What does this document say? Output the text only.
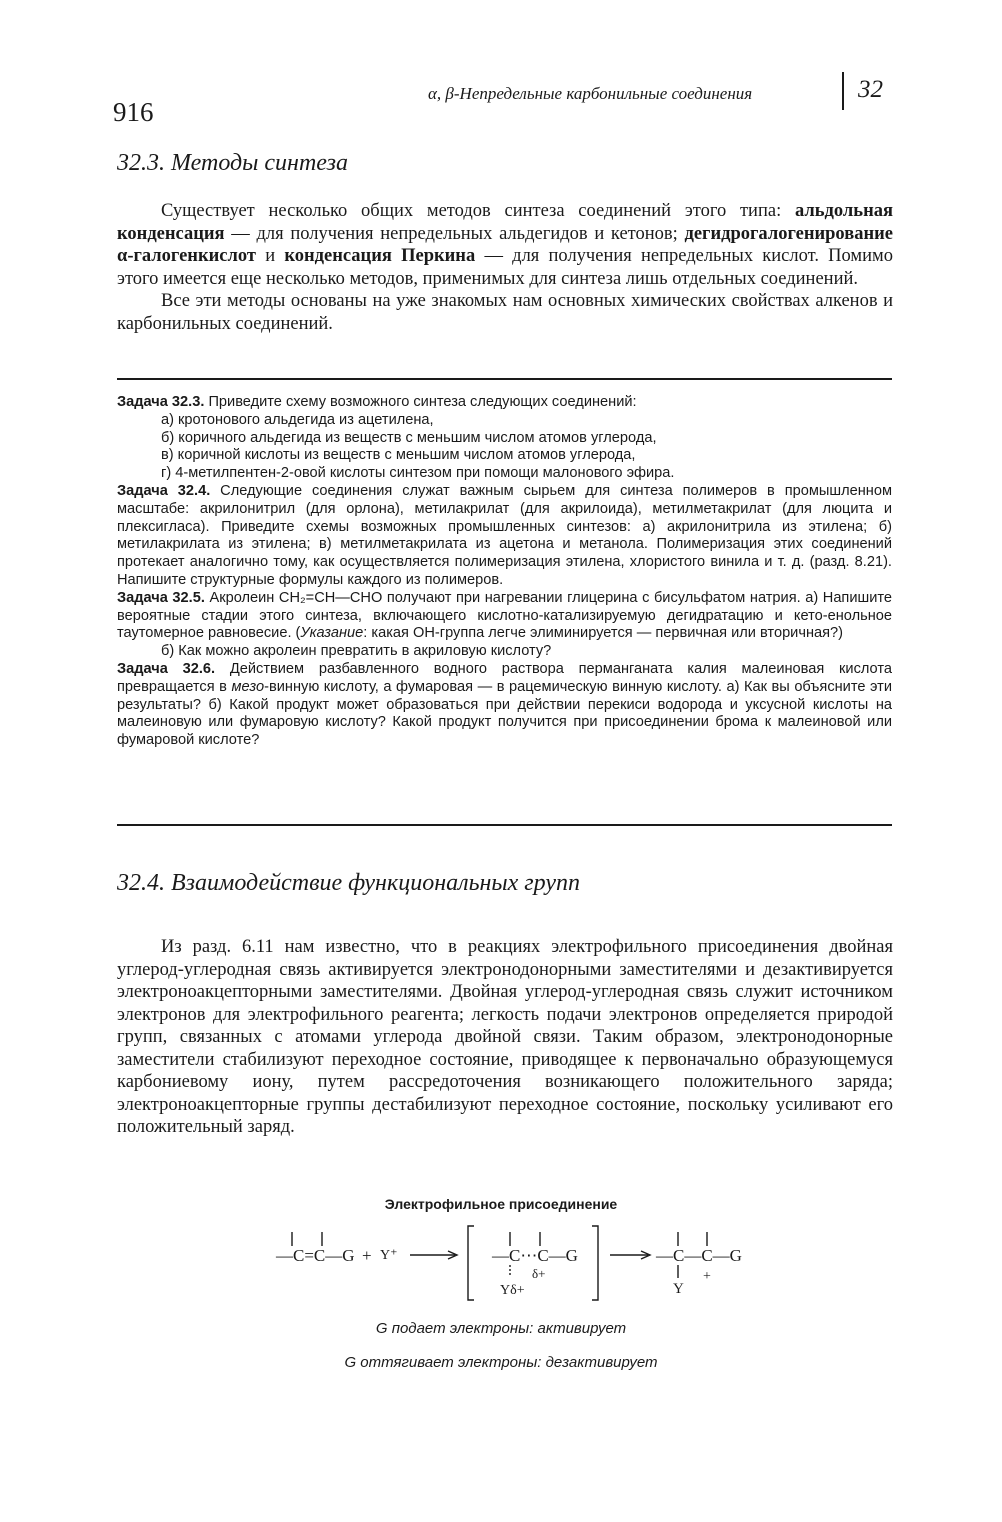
916
α, β-Непредельные карбонильные соединения	32
32.3. Методы синтеза

Существует несколько общих методов синтеза соединений этого типа: альдольная конденсация — для получения непредельных альдегидов и кетонов; дегидрогалогенирование α-галогенкислот и конденсация Перкина — для получения непредельных кислот. Помимо этого имеется еще несколько методов, применимых для синтеза лишь отдельных соединений.

Все эти методы основаны на уже знакомых нам основных химических свойствах алкенов и карбонильных соединений.

Задача 32.3. Приведите схему возможного синтеза следующих соединений:

а) кротонового альдегида из ацетилена,

б) коричного альдегида из веществ с меньшим числом атомов углерода,

в) коричной кислоты из веществ с меньшим числом атомов углерода,

г) 4-метилпентен-2-овой кислоты синтезом при помощи малонового эфира.

Задача 32.4. Следующие соединения служат важным сырьем для синтеза полимеров в промышленном масштабе: акрилонитрил (для орлона), метилакрилат (для акрилоида), метилметакрилат (для люцита и плексигласа). Приведите схемы возможных промышленных синтезов: а) акрилонитрила из этилена; б) метилакрилата из этилена; в) метилметакрилата из ацетона и метанола. Полимеризация этих соединений протекает аналогично тому, как осуществляется полимеризация этилена, хлористого винила и т. д. (разд. 8.21). Напишите структурные формулы каждого из полимеров.

Задача 32.5. Акролеин CH₂=CH—CHO получают при нагревании глицерина с бисульфатом натрия. а) Напишите вероятные стадии этого синтеза, включающего кислотно-катализируемую дегидратацию и кето-енольное таутомерное равновесие. (Указание: какая OH-группа легче элиминируется — первичная или вторичная?)

б) Как можно акролеин превратить в акриловую кислоту?

Задача 32.6. Действием разбавленного водного раствора перманганата калия малеиновая кислота превращается в мезо-винную кислоту, а фумаровая — в рацемическую винную кислоту. а) Как вы объясните эти результаты? б) Какой продукт может образоваться при действии перекиси водорода и уксусной кислоты на малеиновую или фумаровую кислоту? Какой продукт получится при присоединении брома к малеиновой или фумаровой кислоте?

32.4. Взаимодействие функциональных групп

Из разд. 6.11 нам известно, что в реакциях электрофильного присоединения двойная углерод-углеродная связь активируется электронодонорными заместителями и дезактивируется электроноакцепторными заместителями. Двойная углерод-углеродная связь служит источником электронов для электрофильного реагента; легкость подачи электронов определяется природой групп, связанных с атомами углерода двойной связи. Таким образом, электронодонорные заместители стабилизуют переходное состояние, приводящее к первоначально образующемуся карбониевому иону, путем рассредоточения возникающего положительного заряда; электроноакцепторные группы дестабилизуют переходное состояние, поскольку усиливают его положительный заряд.

Электрофильное присоединение
—C=C—G + Y⁺	—C⋯C—G
δ+
Yδ+
—C—C—G
Y
+
G подает электроны: активирует
G оттягивает электроны: дезактивирует
